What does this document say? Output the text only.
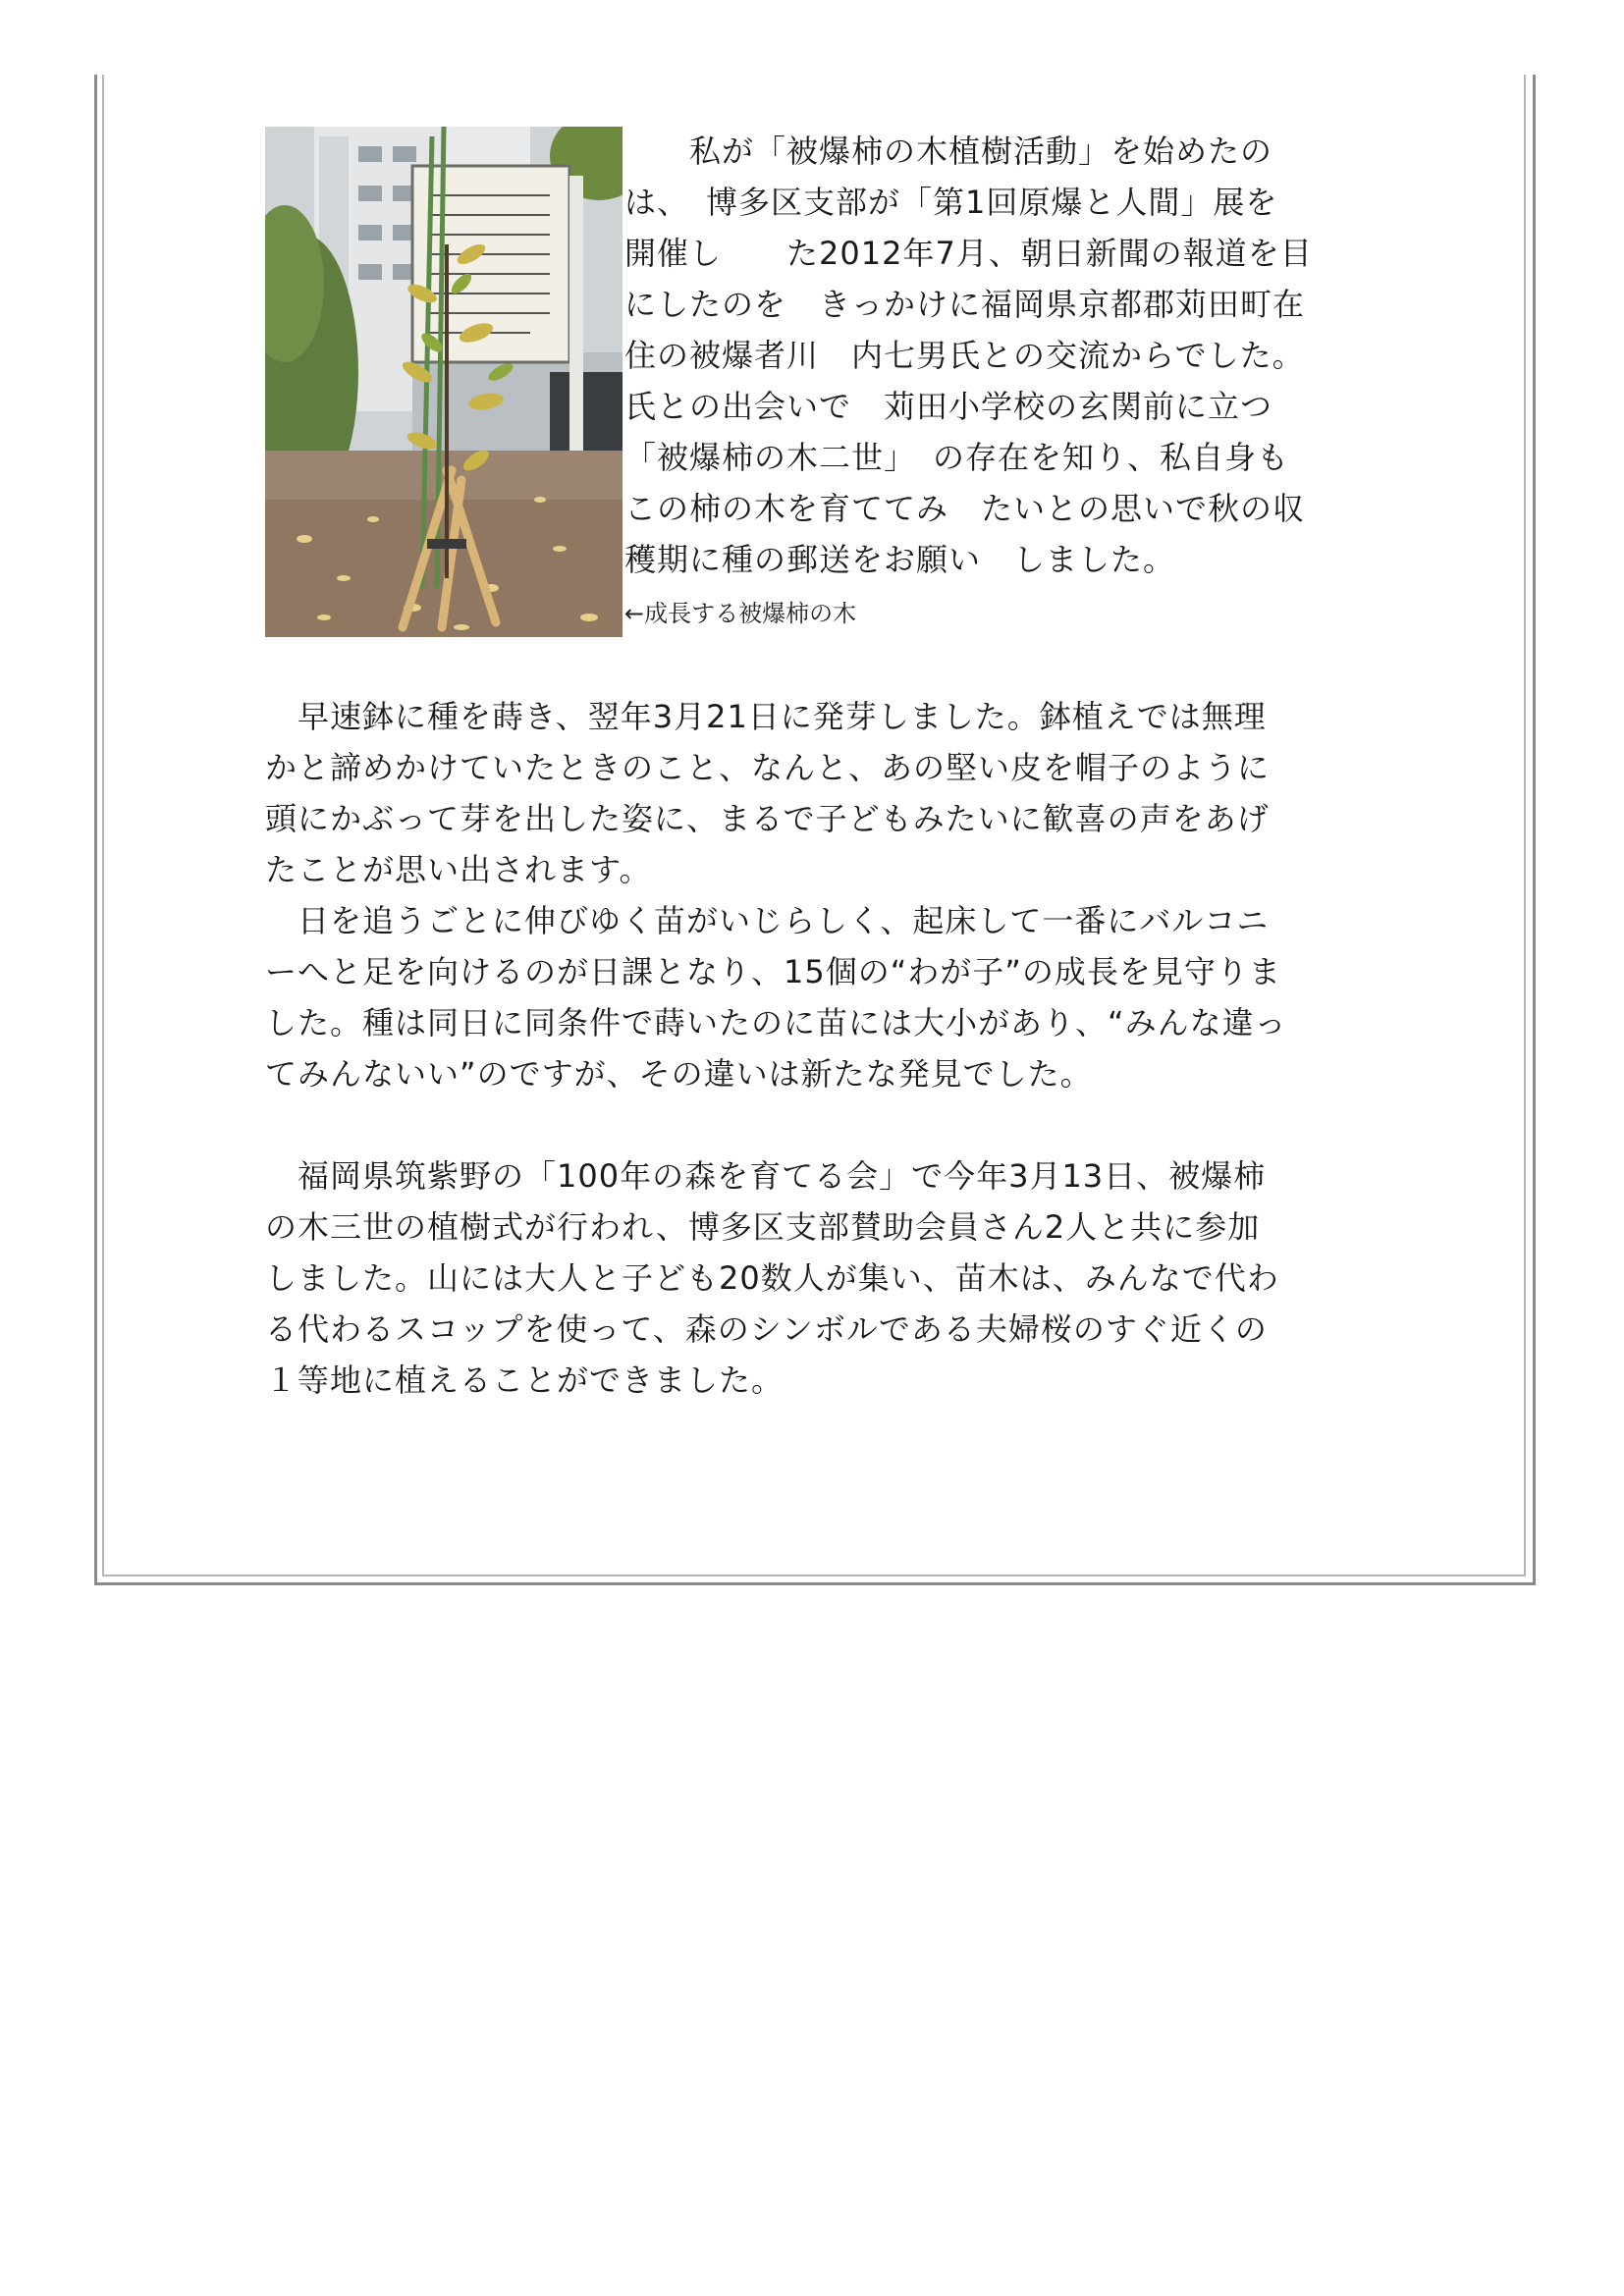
　　私が「被爆柿の木植樹活動」を始めたの
は、　博多区支部が「第1回原爆と人間」展を
開催し　　た2012年7月、朝日新聞の報道を目
にしたのを　きっかけに福岡県京都郡苅田町在
住の被爆者川　内七男氏との交流からでした。
氏との出会いで　苅田小学校の玄関前に立つ
「被爆柿の木二世」　の存在を知り、私自身も
この柿の木を育ててみ　たいとの思いで秋の収
穫期に種の郵送をお願い　しました。
←成長する被爆柿の木
　早速鉢に種を蒔き、翌年3月21日に発芽しました。鉢植えでは無理
かと諦めかけていたときのこと、なんと、あの堅い皮を帽子のように
頭にかぶって芽を出した姿に、まるで子どもみたいに歓喜の声をあげ
たことが思い出されます。
　日を追うごとに伸びゆく苗がいじらしく、起床して一番にバルコニ
ーへと足を向けるのが日課となり、15個の“わが子”の成長を見守りま
した。種は同日に同条件で蒔いたのに苗には大小があり、“みんな違っ
てみんないい”のですが、その違いは新たな発見でした。
　福岡県筑紫野の「100年の森を育てる会」で今年3月13日、被爆柿
の木三世の植樹式が行われ、博多区支部賛助会員さん2人と共に参加
しました。山には大人と子ども20数人が集い、苗木は、みんなで代わ
る代わるスコップを使って、森のシンボルである夫婦桜のすぐ近くの
１等地に植えることができました。
